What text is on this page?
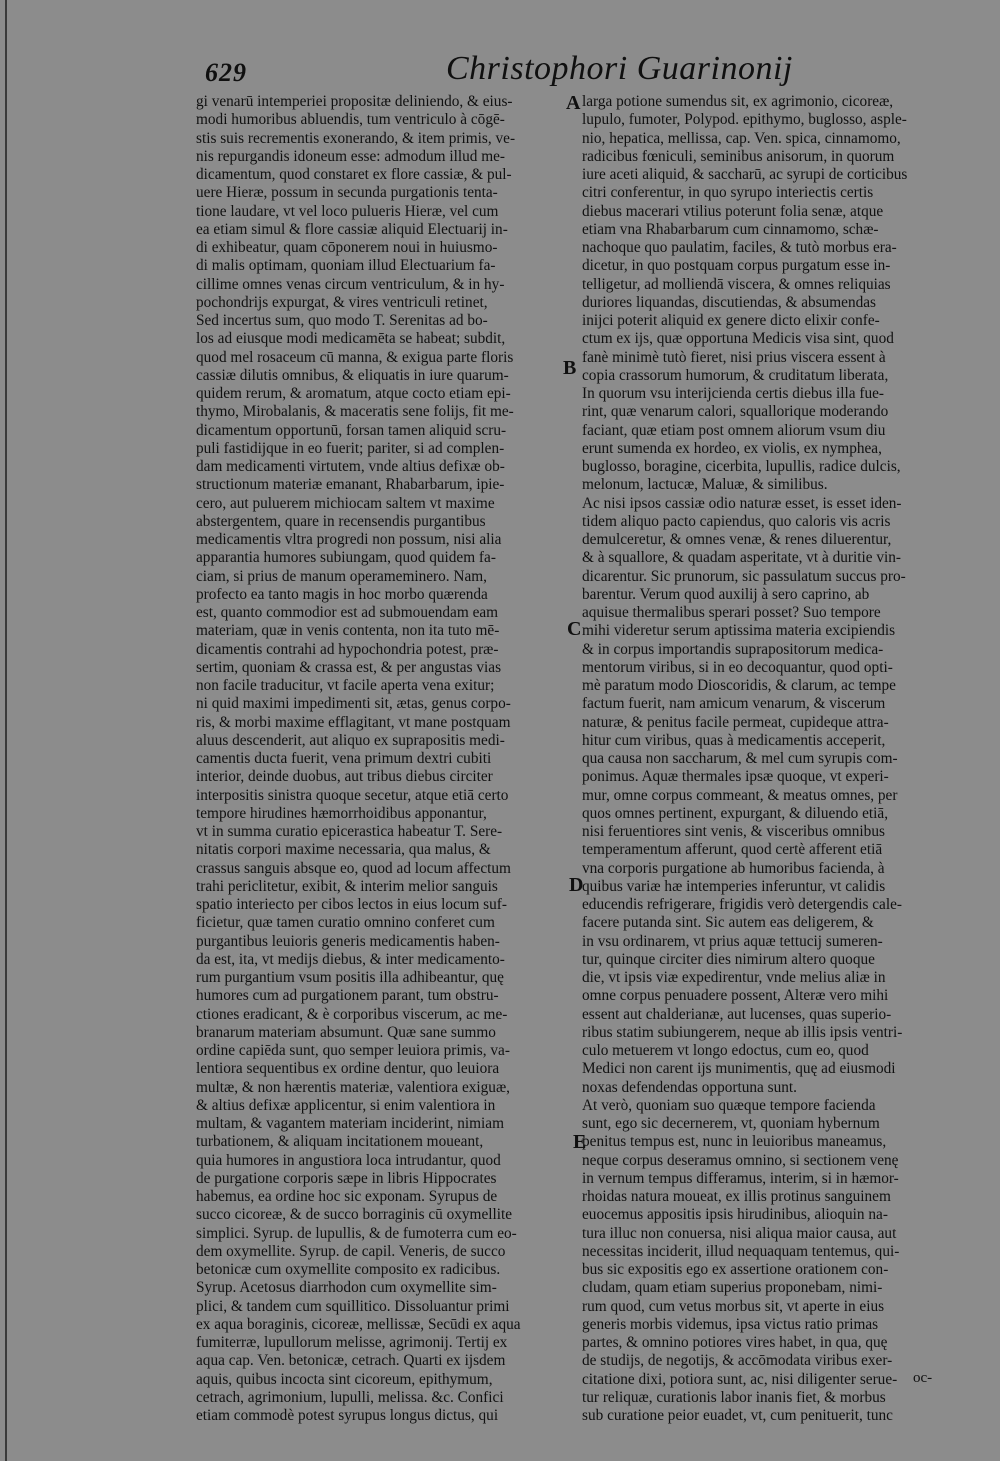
629	Christophori Guarinonij
gi venarū intemperiei propositæ deliniendo, & eius-
modi humoribus abluendis, tum ventriculo à cōgē-
stis suis recrementis exonerando, & item primis, ve-
nis repurgandis idoneum esse: admodum illud me-
dicamentum, quod constaret ex flore cassiæ, & pul-
uere Hieræ, possum in secunda purgationis tenta-
tione laudare, vt vel loco pulueris Hieræ, vel cum
ea etiam simul & flore cassiæ aliquid Electuarij in-
di exhibeatur, quam cōponerem noui in huiusmo-
di malis optimam, quoniam illud Electuarium fa-
cillime omnes venas circum ventriculum, & in hy-
pochondrijs expurgat, & vires ventriculi retinet,
Sed incertus sum, quo modo T. Serenitas ad bo-
los ad eiusque modi medicamēta se habeat; subdit,
quod mel rosaceum cū manna, & exigua parte floris
cassiæ dilutis omnibus, & eliquatis in iure quarum-
quidem rerum, & aromatum, atque cocto etiam epi-
thymo, Mirobalanis, & maceratis sene folijs, fit me-
dicamentum opportunū, forsan tamen aliquid scru-
puli fastidijque in eo fuerit; pariter, si ad complen-
dam medicamenti virtutem, vnde altius defixæ ob-
structionum materiæ emanant, Rhabarbarum, ipie-
cero, aut puluerem michiocam saltem vt maxime
abstergentem, quare in recensendis purgantibus
medicamentis vltra progredi non possum, nisi alia
apparantia humores subiungam, quod quidem fa-
ciam, si prius de manum operameminero. Nam,
profecto ea tanto magis in hoc morbo quærenda
est, quanto commodior est ad submouendam eam
materiam, quæ in venis contenta, non ita tuto mē-
dicamentis contrahi ad hypochondria potest, præ-
sertim, quoniam & crassa est, & per angustas vias
non facile traducitur, vt facile aperta vena exitur;
ni quid maximi impedimenti sit, ætas, genus corpo-
ris, & morbi maxime efflagitant, vt mane postquam
aluus descenderit, aut aliquo ex suprapositis medi-
camentis ducta fuerit, vena primum dextri cubiti
interior, deinde duobus, aut tribus diebus circiter
interpositis sinistra quoque secetur, atque etiā certo
tempore hirudines hæmorrhoidibus apponantur,
vt in summa curatio epicerastica habeatur T. Sere-
nitatis corpori maxime necessaria, qua malus, &
crassus sanguis absque eo, quod ad locum affectum
trahi periclitetur, exibit, & interim melior sanguis
spatio interiecto per cibos lectos in eius locum suf-
ficietur, quæ tamen curatio omnino conferet cum
purgantibus leuioris generis medicamentis haben-
da est, ita, vt medijs diebus, & inter medicamento-
rum purgantium vsum positis illa adhibeantur, quę
humores cum ad purgationem parant, tum obstru-
ctiones eradicant, & è corporibus viscerum, ac me-
branarum materiam absumunt. Quæ sane summo
ordine capiēda sunt, quo semper leuiora primis, va-
lentiora sequentibus ex ordine dentur, quo leuiora
multæ, & non hærentis materiæ, valentiora exiguæ,
& altius defixæ applicentur, si enim valentiora in
multam, & vagantem materiam inciderint, nimiam
turbationem, & aliquam incitationem moueant,
quia humores in angustiora loca intrudantur, quod
de purgatione corporis sæpe in libris Hippocrates
habemus, ea ordine hoc sic exponam. Syrupus de
succo cicoreæ, & de succo borraginis cū oxymellite
simplici. Syrup. de lupullis, & de fumoterra cum eo-
dem oxymellite. Syrup. de capil. Veneris, de succo
betonicæ cum oxymellite composito ex radicibus.
Syrup. Acetosus diarrhodon cum oxymellite sim-
plici, & tandem cum squillitico. Dissoluantur primi
ex aqua boraginis, cicoreæ, mellissæ, Secūdi ex aqua
fumiterræ, lupullorum melisse, agrimonij. Tertij ex
aqua cap. Ven. betonicæ, cetrach. Quarti ex ijsdem
aquis, quibus incocta sint cicoreum, epithymum,
cetrach, agrimonium, lupulli, melissa. &c. Confici
etiam commodè potest syrupus longus dictus, qui
larga potione sumendus sit, ex agrimonio, cicoreæ,
lupulo, fumoter, Polypod. epithymo, buglosso, asple-
nio, hepatica, mellissa, cap. Ven. spica, cinnamomo,
radicibus fœniculi, seminibus anisorum, in quorum
iure aceti aliquid, & saccharū, ac syrupi de corticibus
citri conferentur, in quo syrupo interiectis certis
diebus macerari vtilius poterunt folia senæ, atque
etiam vna Rhabarbarum cum cinnamomo, schæ-
nachoque quo paulatim, faciles, & tutò morbus era-
dicetur, in quo postquam corpus purgatum esse in-
telligetur, ad molliendā viscera, & omnes reliquias
duriores liquandas, discutiendas, & absumendas
inijci poterit aliquid ex genere dicto elixir confe-
ctum ex ijs, quæ opportuna Medicis visa sint, quod
fanè minimè tutò fieret, nisi prius viscera essent à
copia crassorum humorum, & cruditatum liberata,
In quorum vsu interijcienda certis diebus illa fue-
rint, quæ venarum calori, squallorique moderando
faciant, quæ etiam post omnem aliorum vsum diu
erunt sumenda ex hordeo, ex violis, ex nymphea,
buglosso, boragine, cicerbita, lupullis, radice dulcis,
melonum, lactucæ, Maluæ, & similibus.
Ac nisi ipsos cassiæ odio naturæ esset, is esset iden-
tidem aliquo pacto capiendus, quo caloris vis acris
demulceretur, & omnes venæ, & renes diluerentur,
& à squallore, & quadam asperitate, vt à duritie vin-
dicarentur. Sic prunorum, sic passulatum succus pro-
barentur. Verum quod auxilij à sero caprino, ab
aquisue thermalibus sperari posset? Suo tempore
mihi videretur serum aptissima materia excipiendis
& in corpus importandis suprapositorum medica-
mentorum viribus, si in eo decoquantur, quod opti-
mè paratum modo Dioscoridis, & clarum, ac tempe
factum fuerit, nam amicum venarum, & viscerum
naturæ, & penitus facile permeat, cupideque attra-
hitur cum viribus, quas à medicamentis acceperit,
qua causa non saccharum, & mel cum syrupis com-
ponimus. Aquæ thermales ipsæ quoque, vt experi-
mur, omne corpus commeant, & meatus omnes, per
quos omnes pertinent, expurgant, & diluendo etiā,
nisi feruentiores sint venis, & visceribus omnibus
temperamentum afferunt, quod certè afferent etiā
vna corporis purgatione ab humoribus facienda, à
quibus variæ hæ intemperies inferuntur, vt calidis
educendis refrigerare, frigidis verò detergendis cale-
facere putanda sint. Sic autem eas deligerem, &
in vsu ordinarem, vt prius aquæ tettucij sumeren-
tur, quinque circiter dies nimirum altero quoque
die, vt ipsis viæ expedirentur, vnde melius aliæ in
omne corpus penuadere possent, Alteræ vero mihi
essent aut chalderianæ, aut lucenses, quas superio-
ribus statim subiungerem, neque ab illis ipsis ventri-
culo metuerem vt longo edoctus, cum eo, quod
Medici non carent ijs munimentis, quę ad eiusmodi
noxas defendendas opportuna sunt.
At verò, quoniam suo quæque tempore facienda
sunt, ego sic decernerem, vt, quoniam hybernum
penitus tempus est, nunc in leuioribus maneamus,
neque corpus deseramus omnino, si sectionem venę
in vernum tempus differamus, interim, si in hæmor-
rhoidas natura moueat, ex illis protinus sanguinem
euocemus appositis ipsis hirudinibus, alioquin na-
tura illuc non conuersa, nisi aliqua maior causa, aut
necessitas inciderit, illud nequaquam tentemus, qui-
bus sic expositis ego ex assertione orationem con-
cludam, quam etiam superius proponebam, nimi-
rum quod, cum vetus morbus sit, vt aperte in eius
generis morbis videmus, ipsa victus ratio primas
partes, & omnino potiores vires habet, in qua, quę
de studijs, de negotijs, & accōmodata viribus exer-
citatione dixi, potiora sunt, ac, nisi diligenter serue-
tur reliquæ, curationis labor inanis fiet, & morbus
sub curatione peior euadet, vt, cum penituerit, tunc
A
B
C
D
E
oc-
